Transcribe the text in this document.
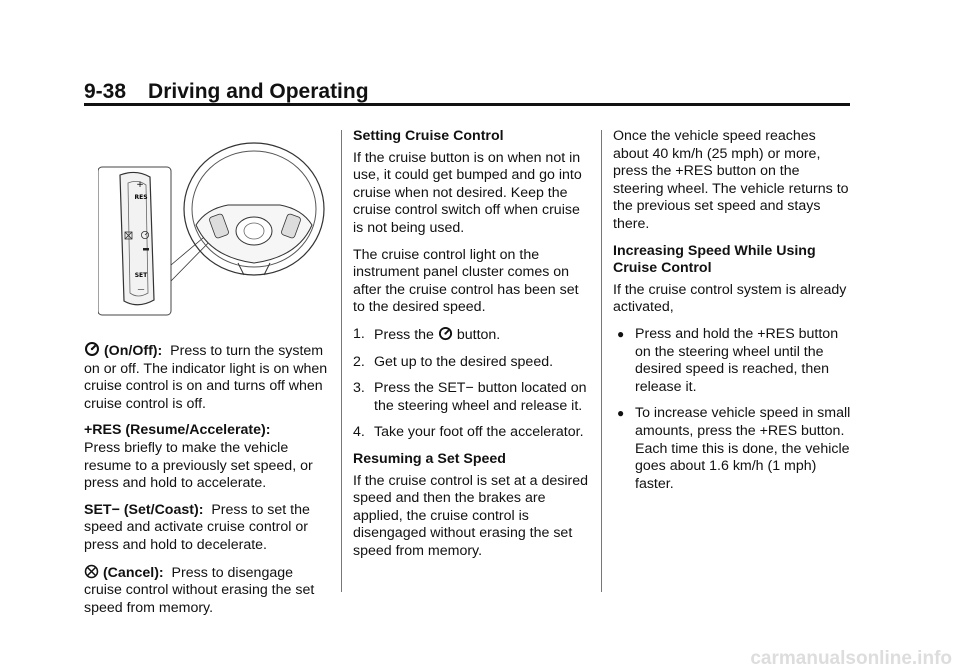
9-38 Driving and Operating
+
RES
SET
—

(On/Off): Press to turn the system on or off. The indicator light is on when cruise control is on and turns off when cruise control is off.

+RES (Resume/Accelerate):
Press briefly to make the vehicle resume to a previously set speed, or press and hold to accelerate.

SET− (Set/Coast): Press to set the speed and activate cruise control or press and hold to decelerate.

(Cancel): Press to disengage cruise control without erasing the set speed from memory.

Setting Cruise Control

If the cruise button is on when not in use, it could get bumped and go into cruise when not desired. Keep the cruise control switch off when cruise is not being used.

The cruise control light on the instrument panel cluster comes on after the cruise control has been set to the desired speed.

1. Press the button.
2. Get up to the desired speed.
3. Press the SET− button located on the steering wheel and release it.
4. Take your foot off the accelerator.

Resuming a Set Speed

If the cruise control is set at a desired speed and then the brakes are applied, the cruise control is disengaged without erasing the set speed from memory.

Once the vehicle speed reaches about 40 km/h (25 mph) or more, press the +RES button on the steering wheel. The vehicle returns to the previous set speed and stays there.

Increasing Speed While Using Cruise Control

If the cruise control system is already activated,

● Press and hold the +RES button on the steering wheel until the desired speed is reached, then release it.
● To increase vehicle speed in small amounts, press the +RES button. Each time this is done, the vehicle goes about 1.6 km/h (1 mph) faster.
carmanualsonline.info
